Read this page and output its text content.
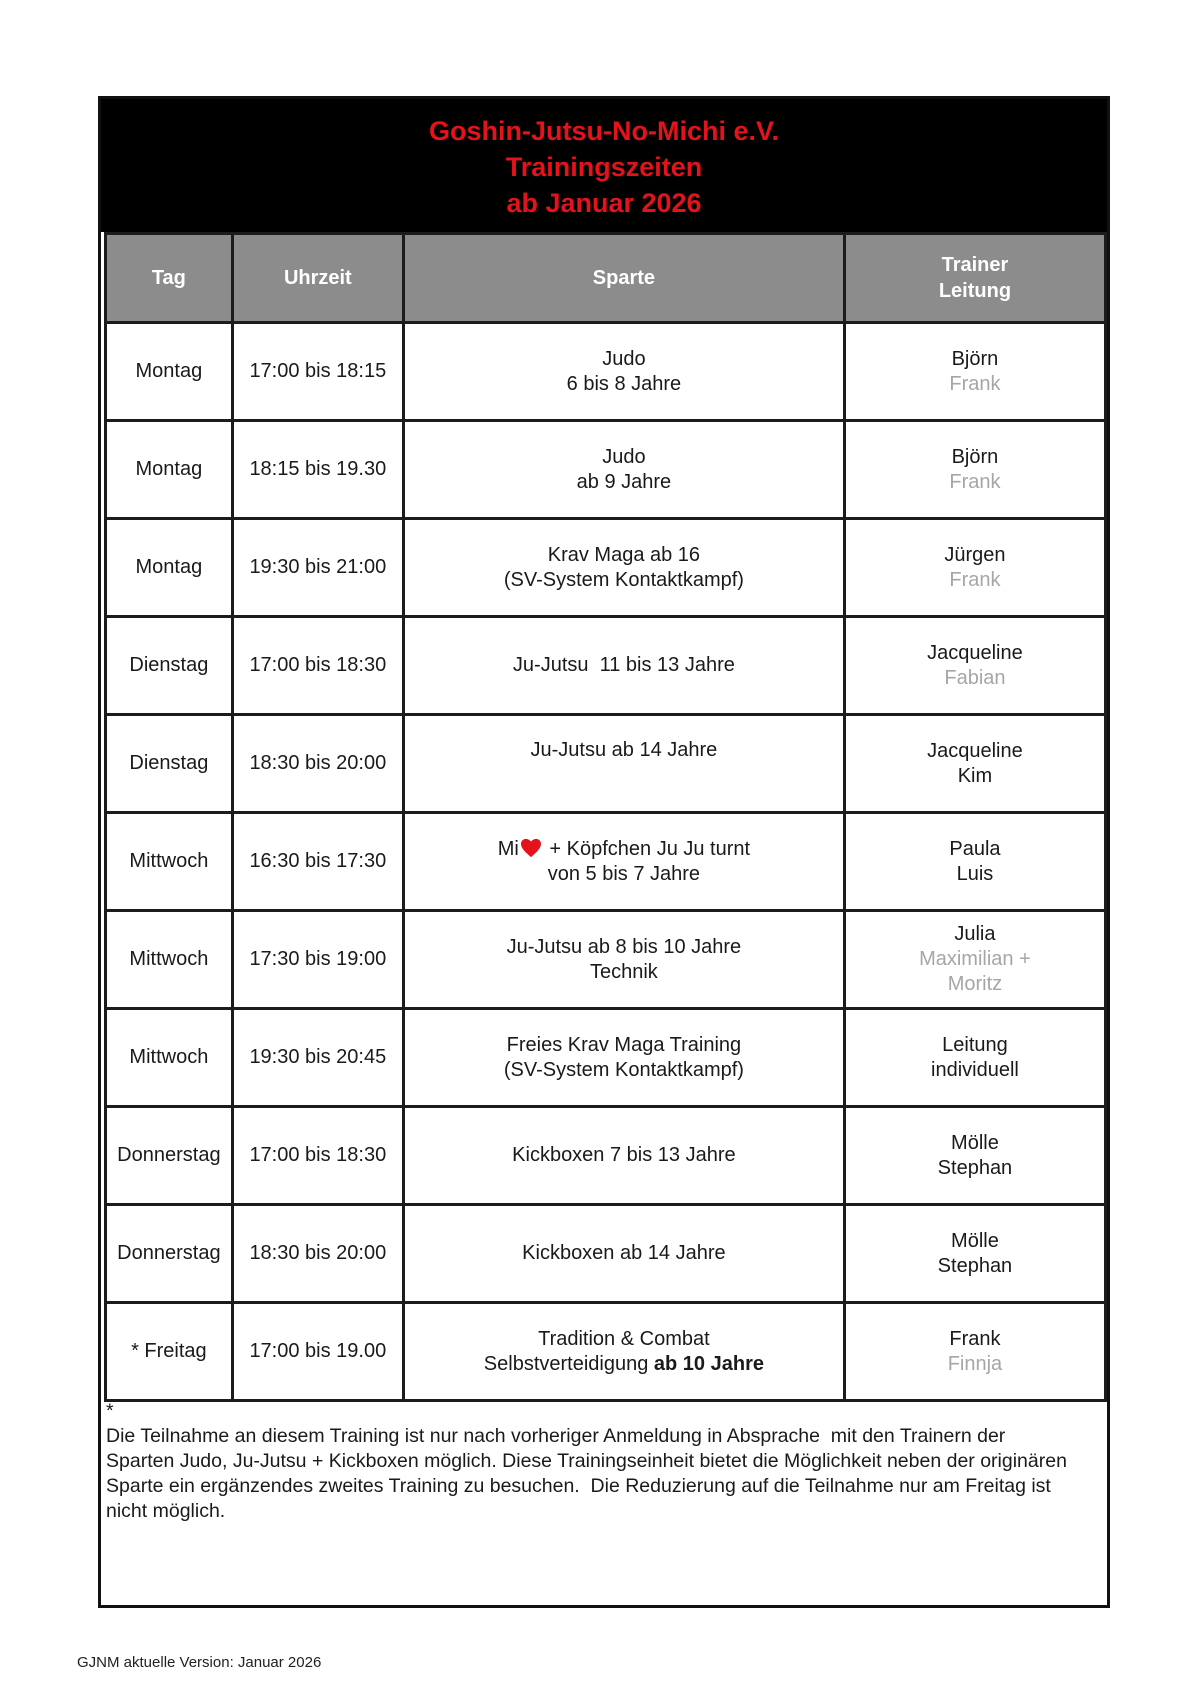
Goshin-Jutsu-No-Michi e.V.
Trainingszeiten
ab Januar 2026
Tag	Uhrzeit	Sparte	Trainer
Leitung

Montag	17:00 bis 18:15	Judo
6 bis 8 Jahre	Björn
Frank

Montag	18:15 bis 19.30	Judo
ab 9 Jahre	Björn
Frank

Montag	19:30 bis 21:00	Krav Maga ab 16
(SV-System Kontaktkampf)	Jürgen
Frank

Dienstag	17:00 bis 18:30	Ju-Jutsu  11 bis 13 Jahre	Jacqueline
Fabian

Dienstag	18:30 bis 20:00	Ju-Jutsu ab 14 Jahre	Jacqueline
Kim

Mittwoch	16:30 bis 17:30	Mi + Köpfchen Ju Ju turnt
von 5 bis 7 Jahre	Paula
Luis

Mittwoch	17:30 bis 19:00	Ju-Jutsu ab 8 bis 10 Jahre
Technik	Julia
Maximilian +
Moritz

Mittwoch	19:30 bis 20:45	Freies Krav Maga Training
(SV-System Kontaktkampf)	Leitung
individuell

Donnerstag	17:00 bis 18:30	Kickboxen 7 bis 13 Jahre	Mölle
Stephan

Donnerstag	18:30 bis 20:00	Kickboxen ab 14 Jahre	Mölle
Stephan

* Freitag	17:00 bis 19.00	Tradition & Combat
Selbstverteidigung ab 10 Jahre	Frank
Finnja
*
Die Teilnahme an diesem Training ist nur nach vorheriger Anmeldung in Absprache  mit den Trainern der
Sparten Judo, Ju-Jutsu + Kickboxen möglich. Diese Trainingseinheit bietet die Möglichkeit neben der originären
Sparte ein ergänzendes zweites Training zu besuchen.  Die Reduzierung auf die Teilnahme nur am Freitag ist
nicht möglich.
GJNM aktuelle Version: Januar 2026
